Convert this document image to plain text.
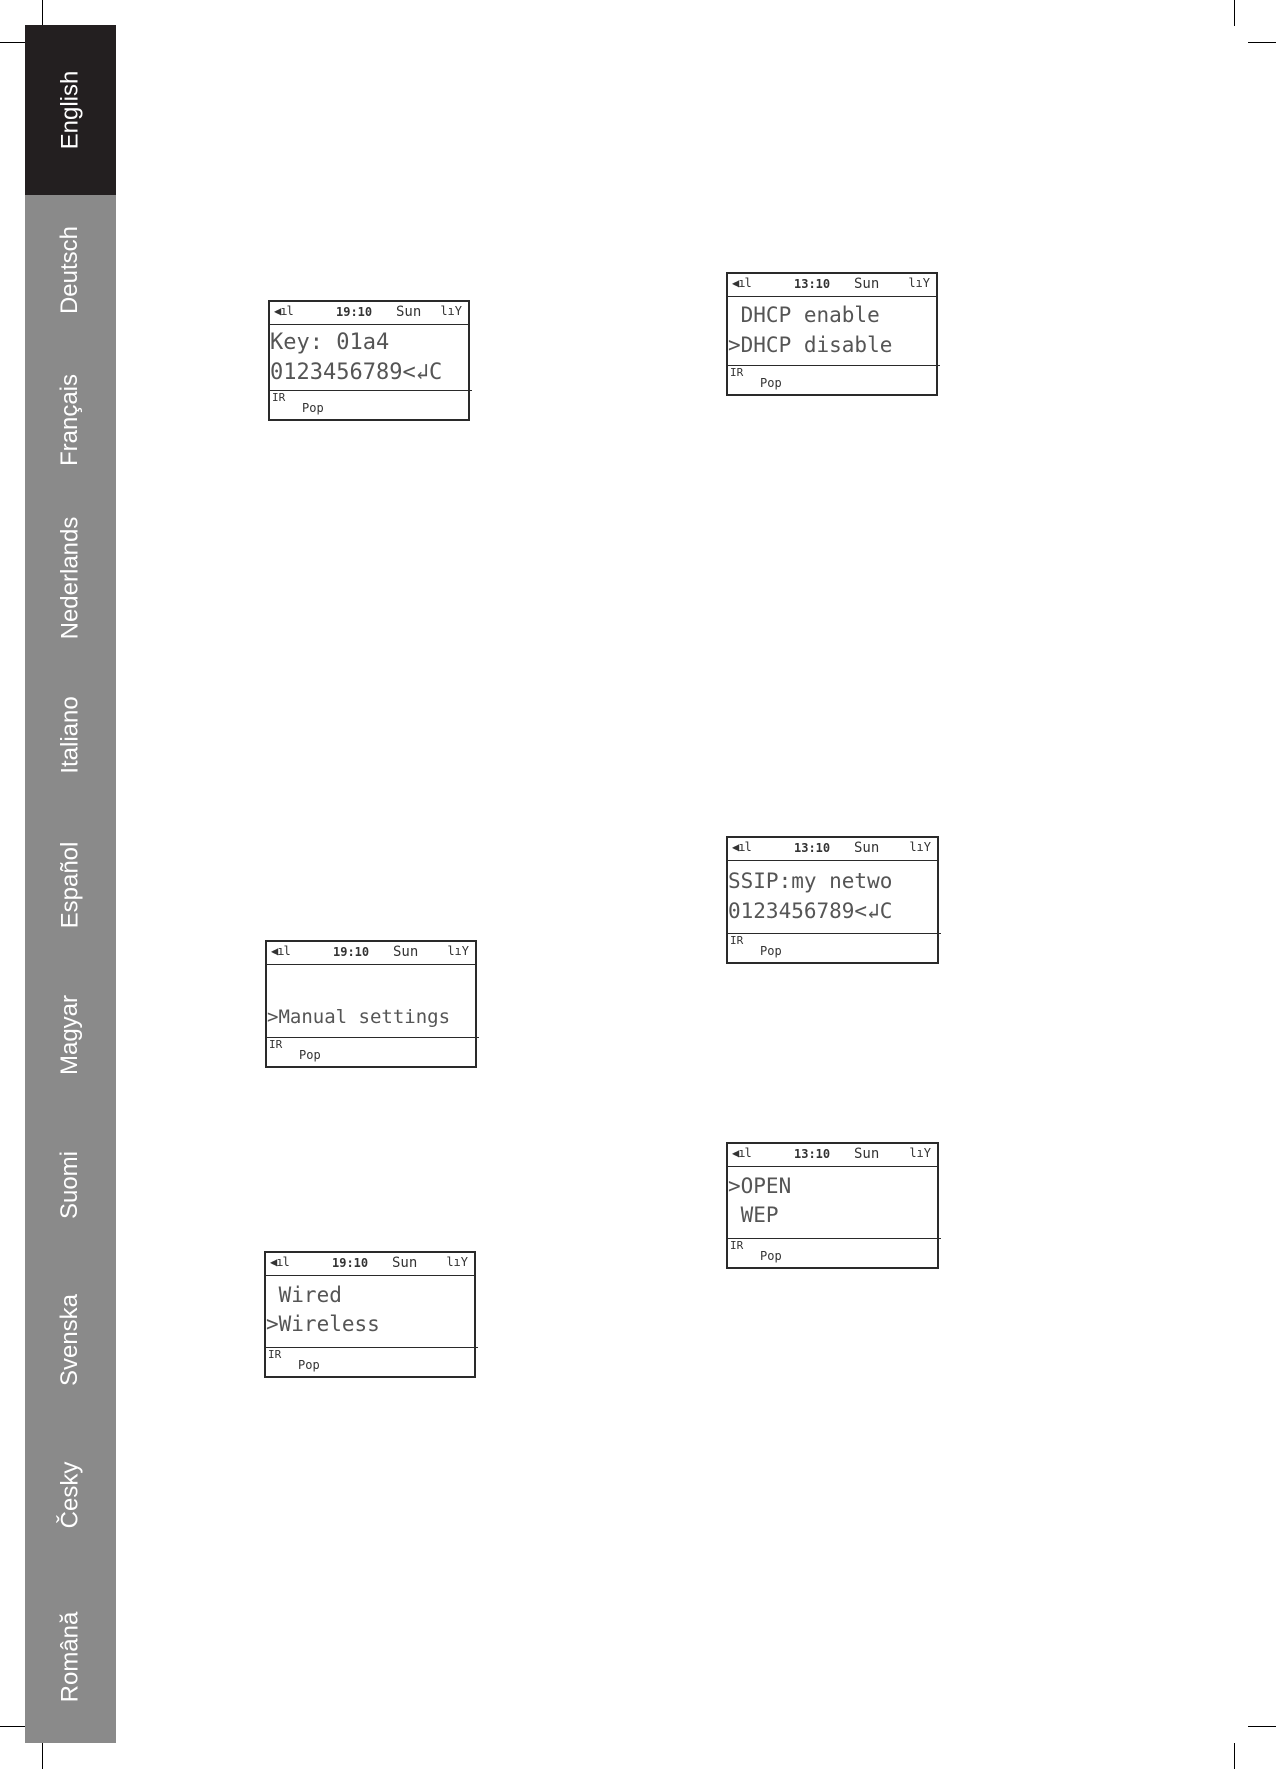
English
Deutsch
Français
Nederlands
Italiano
Español
Magyar
Suomi
Svenska
Česky
Română
◀ıl	19:10 Sun lıY
Key: 01a4
0123456789<↲C
IR
Pop
◀ıl	13:10 Sun lıY
DHCP enable
>DHCP disable
IR
Pop
◀ıl	19:10 Sun lıY
>Manual settings
IR
Pop
◀ıl	13:10 Sun	lıY
SSIP:my netwo
0123456789<↲C
IR
Pop
◀ıl	19:10 Sun lıY
Wired
>Wireless
IR
Pop
◀ıl	13:10 Sun	lıY
>OPEN
WEP
IR
Pop
